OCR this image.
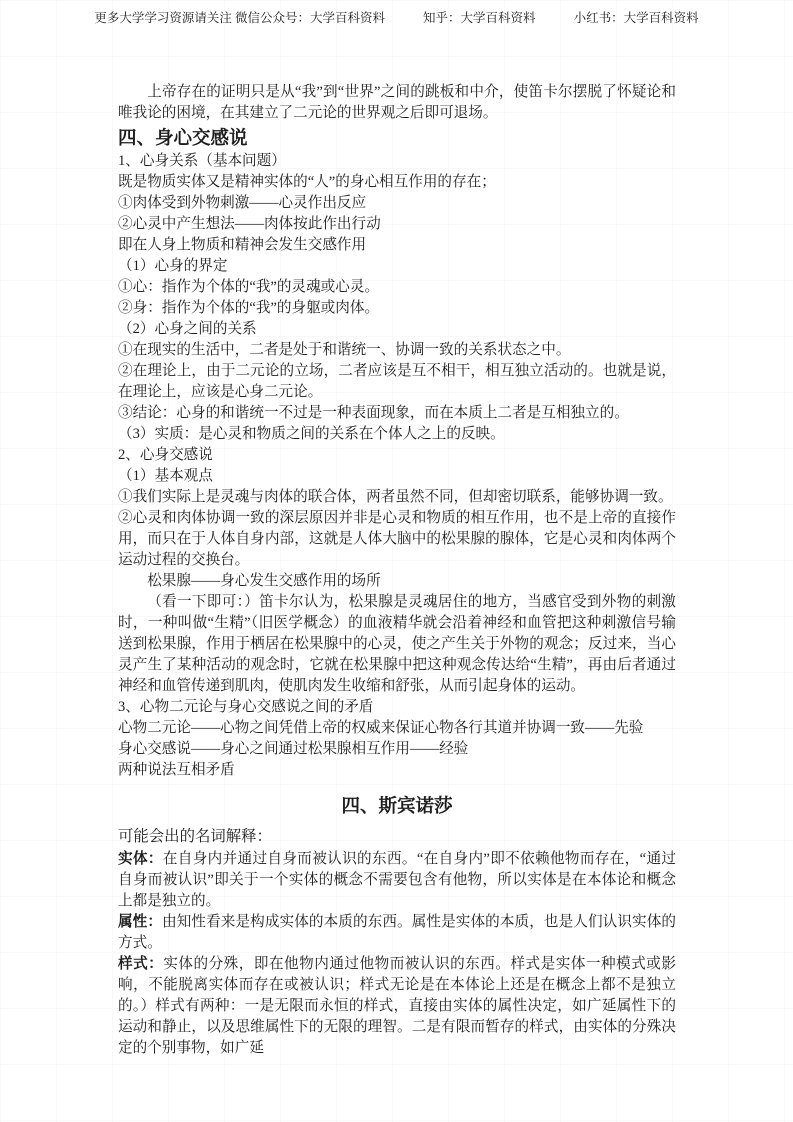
更多大学学习资源请关注 微信公众号：大学百科资料	知乎：大学百科资料	小红书：大学百科资料

上帝存在的证明只是从“我”到“世界”之间的跳板和中介，使笛卡尔摆脱了怀疑论和唯我论的困境，在其建立了二元论的世界观之后即可退场。

四、身心交感说

1、心身关系（基本问题）

既是物质实体又是精神实体的“人”的身心相互作用的存在；

①肉体受到外物刺激——心灵作出反应

②心灵中产生想法——肉体按此作出行动

即在人身上物质和精神会发生交感作用

（1）心身的界定

①心：指作为个体的“我”的灵魂或心灵。

②身：指作为个体的“我”的身躯或肉体。

（2）心身之间的关系

①在现实的生活中，二者是处于和谐统一、协调一致的关系状态之中。

②在理论上，由于二元论的立场，二者应该是互不相干，相互独立活动的。也就是说，在理论上，应该是心身二元论。

③结论：心身的和谐统一不过是一种表面现象，而在本质上二者是互相独立的。

（3）实质：是心灵和物质之间的关系在个体人之上的反映。

2、心身交感说

（1）基本观点

①我们实际上是灵魂与肉体的联合体，两者虽然不同，但却密切联系，能够协调一致。

②心灵和肉体协调一致的深层原因并非是心灵和物质的相互作用，也不是上帝的直接作用，而只在于人体自身内部，这就是人体大脑中的松果腺的腺体，它是心灵和肉体两个运动过程的交换台。

松果腺——身心发生交感作用的场所

（看一下即可：）笛卡尔认为，松果腺是灵魂居住的地方，当感官受到外物的刺激时，一种叫做“生精”（旧医学概念）的血液精华就会沿着神经和血管把这种刺激信号输送到松果腺，作用于栖居在松果腺中的心灵，使之产生关于外物的观念；反过来，当心灵产生了某种活动的观念时，它就在松果腺中把这种观念传达给“生精”，再由后者通过神经和血管传递到肌肉，使肌肉发生收缩和舒张，从而引起身体的运动。

3、心物二元论与身心交感说之间的矛盾

心物二元论——心物之间凭借上帝的权威来保证心物各行其道并协调一致——先验

身心交感说——身心之间通过松果腺相互作用——经验

两种说法互相矛盾

四、斯宾诺莎

可能会出的名词解释：

实体：在自身内并通过自身而被认识的东西。“在自身内”即不依赖他物而存在，“通过自身而被认识”即关于一个实体的概念不需要包含有他物，所以实体是在本体论和概念上都是独立的。

属性：由知性看来是构成实体的本质的东西。属性是实体的本质，也是人们认识实体的方式。

样式：实体的分殊，即在他物内通过他物而被认识的东西。样式是实体一种模式或影响，不能脱离实体而存在或被认识；样式无论是在本体论上还是在概念上都不是独立的。）样式有两种：一是无限而永恒的样式，直接由实体的属性决定，如广延属性下的运动和静止，以及思维属性下的无限的理智。二是有限而暂存的样式，由实体的分殊决定的个别事物，如广延
